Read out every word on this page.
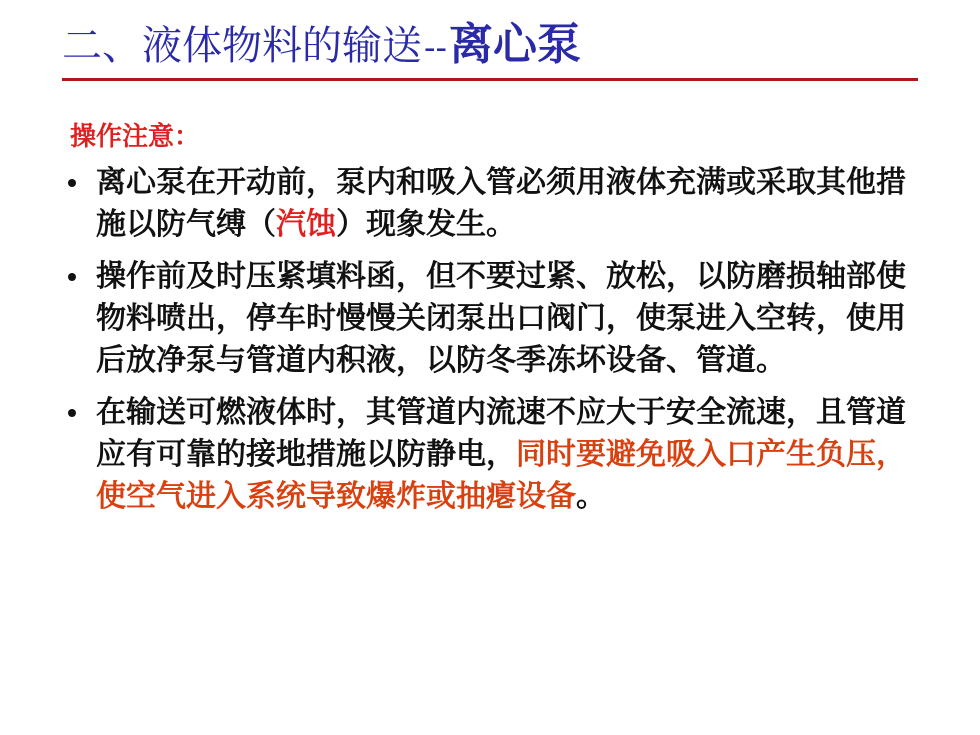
二、液体物料的输送--离心泵
操作注意：
离心泵在开动前，泵内和吸入管必须用液体充满或采取其他措施以防气缚（汽蚀）现象发生。
操作前及时压紧填料函，但不要过紧、放松，以防磨损轴部使物料喷出，停车时慢慢关闭泵出口阀门，使泵进入空转，使用后放净泵与管道内积液，以防冬季冻坏设备、管道。
在输送可燃液体时，其管道内流速不应大于安全流速，且管道应有可靠的接地措施以防静电，同时要避免吸入口产生负压，使空气进入系统导致爆炸或抽瘪设备。
